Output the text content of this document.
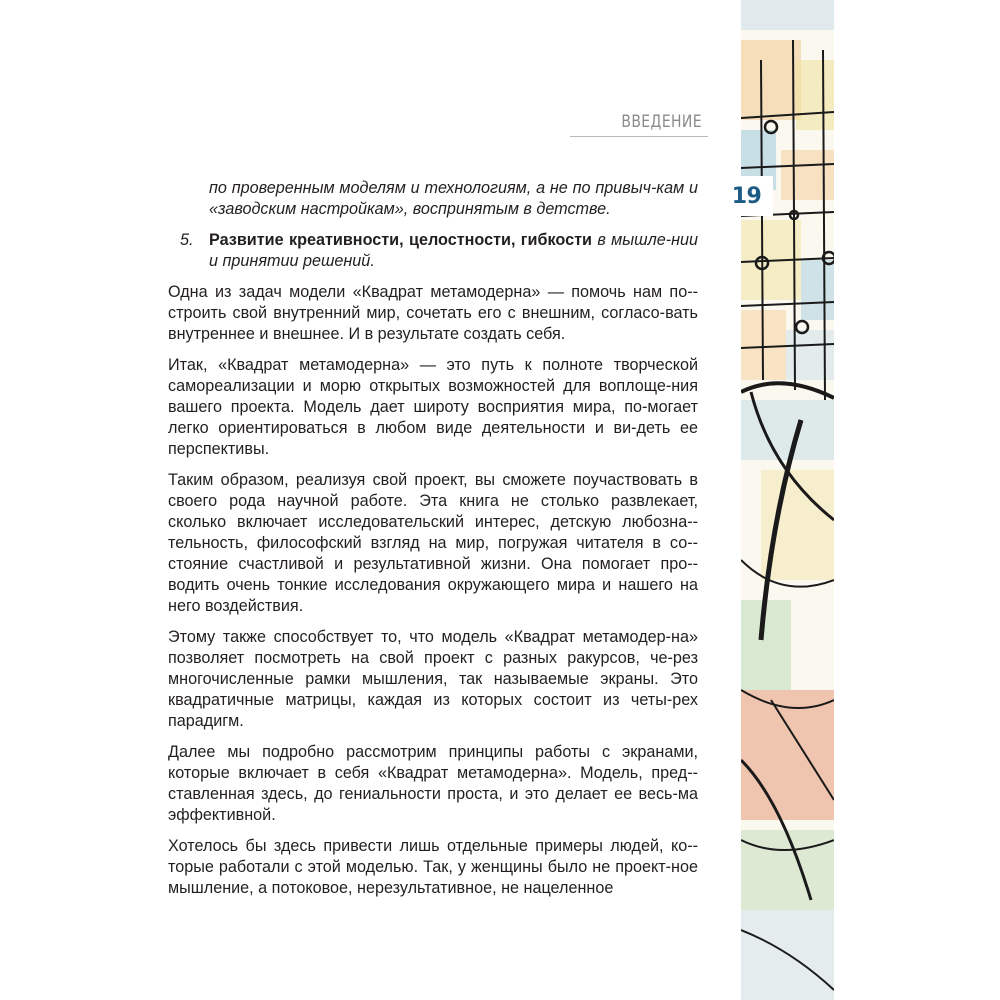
ВВЕДЕНИЕ
19

по проверенным моделям и технологиям, а не по привыч-кам и «заводским настройкам», воспринятым в детстве.

5. Развитие креативности, целостности, гибкости в мышле-нии и принятии решений.

Одна из задач модели «Квадрат метамодерна» — помочь нам по-строить свой внутренний мир, сочетать его с внешним, согласо-вать внутреннее и внешнее. И в результате создать себя.

Итак, «Квадрат метамодерна» — это путь к полноте творческой самореализации и морю открытых возможностей для воплоще-ния вашего проекта. Модель дает широту восприятия мира, по-могает легко ориентироваться в любом виде деятельности и ви-деть ее перспективы.

Таким образом, реализуя свой проект, вы сможете поучаствовать в своего рода научной работе. Эта книга не столько развлекает, сколько включает исследовательский интерес, детскую любозна-тельность, философский взгляд на мир, погружая читателя в со-стояние счастливой и результативной жизни. Она помогает про-водить очень тонкие исследования окружающего мира и нашего на него воздействия.

Этому также способствует то, что модель «Квадрат метамодер-на» позволяет посмотреть на свой проект с разных ракурсов, че-рез многочисленные рамки мышления, так называемые экраны. Это квадратичные матрицы, каждая из которых состоит из четы-рех парадигм.

Далее мы подробно рассмотрим принципы работы с экранами, которые включает в себя «Квадрат метамодерна». Модель, пред-ставленная здесь, до гениальности проста, и это делает ее весь-ма эффективной.

Хотелось бы здесь привести лишь отдельные примеры людей, ко-торые работали с этой моделью. Так, у женщины было не проект-ное мышление, а потоковое, нерезультативное, не нацеленное
